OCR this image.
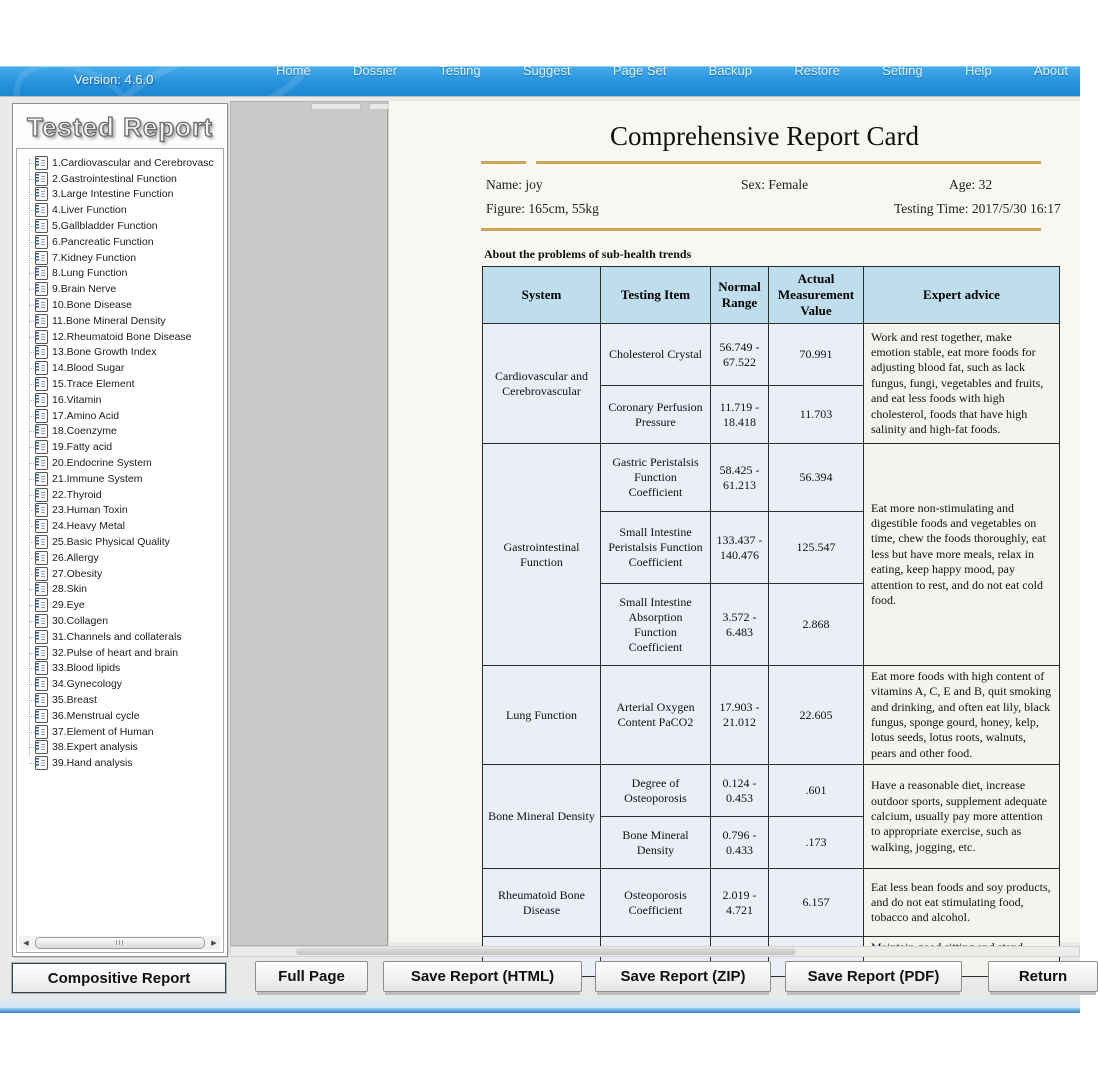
Version: 4.6.0
Home	Dossier	Testing	Suggest	Page Set	Backup	Restore	Setting	Help	About
Tested Report
1.Cardiovascular and Cerebrovasc
2.Gastrointestinal Function
3.Large Intestine Function
4.Liver Function
5.Gallbladder Function
6.Pancreatic Function
7.Kidney Function
8.Lung Function
9.Brain Nerve
10.Bone Disease
11.Bone Mineral Density
12.Rheumatoid Bone Disease
13.Bone Growth Index
14.Blood Sugar
15.Trace Element
16.Vitamin
17.Amino Acid
18.Coenzyme
19.Fatty acid
20.Endocrine System
21.Immune System
22.Thyroid
23.Human Toxin
24.Heavy Metal
25.Basic Physical Quality
26.Allergy
27.Obesity
28.Skin
29.Eye
30.Collagen
31.Channels and collaterals
32.Pulse of heart and brain
33.Blood lipids
34.Gynecology
35.Breast
36.Menstrual cycle
37.Element of Human
38.Expert analysis
39.Hand analysis
◀	▶
Compositive Report
Comprehensive Report Card
Name: joy	Sex: Female	Age: 32
Figure: 165cm, 55kg	Testing Time: 2017/5/30 16:17
About the problems of sub-health trends
System	Testing Item	Normal Range	Actual Measurement Value	Expert advice
Cardiovascular and Cerebrovascular	Cholesterol Crystal	56.749 - 67.522	70.991	Work and rest together, make emotion stable, eat more foods for adjusting blood fat, such as lack fungus, fungi, vegetables and fruits, and eat less foods with high cholesterol, foods that have high salinity and high-fat foods.
	Coronary Perfusion Pressure	11.719 - 18.418	11.703	
Gastrointestinal Function	Gastric Peristalsis Function Coefficient	58.425 - 61.213	56.394	Eat more non-stimulating and digestible foods and vegetables on time, chew the foods thoroughly, eat less but have more meals, relax in eating, keep happy mood, pay attention to rest, and do not eat cold food.
	Small Intestine Peristalsis Function Coefficient	133.437 - 140.476	125.547	
	Small Intestine Absorption Function Coefficient	3.572 - 6.483	2.868	
Lung Function	Arterial Oxygen Content PaCO2	17.903 - 21.012	22.605	Eat more foods with high content of vitamins A, C, E and B, quit smoking and drinking, and often eat lily, black fungus, sponge gourd, honey, kelp, lotus seeds, lotus roots, walnuts, pears and other food.
Bone Mineral Density	Degree of Osteoporosis	0.124 - 0.453	.601	Have a reasonable diet, increase outdoor sports, supplement adequate calcium, usually pay more attention to appropriate exercise, such as walking, jogging, etc.
	Bone Mineral Density	0.796 - 0.433	.173	
Rheumatoid Bone Disease	Osteoporosis Coefficient	2.019 - 4.721	6.157	Eat less bean foods and soy products, and do not eat stimulating food, tobacco and alcohol.

Full Page	Save Report (HTML)	Save Report (ZIP)	Save Report (PDF)	Return
